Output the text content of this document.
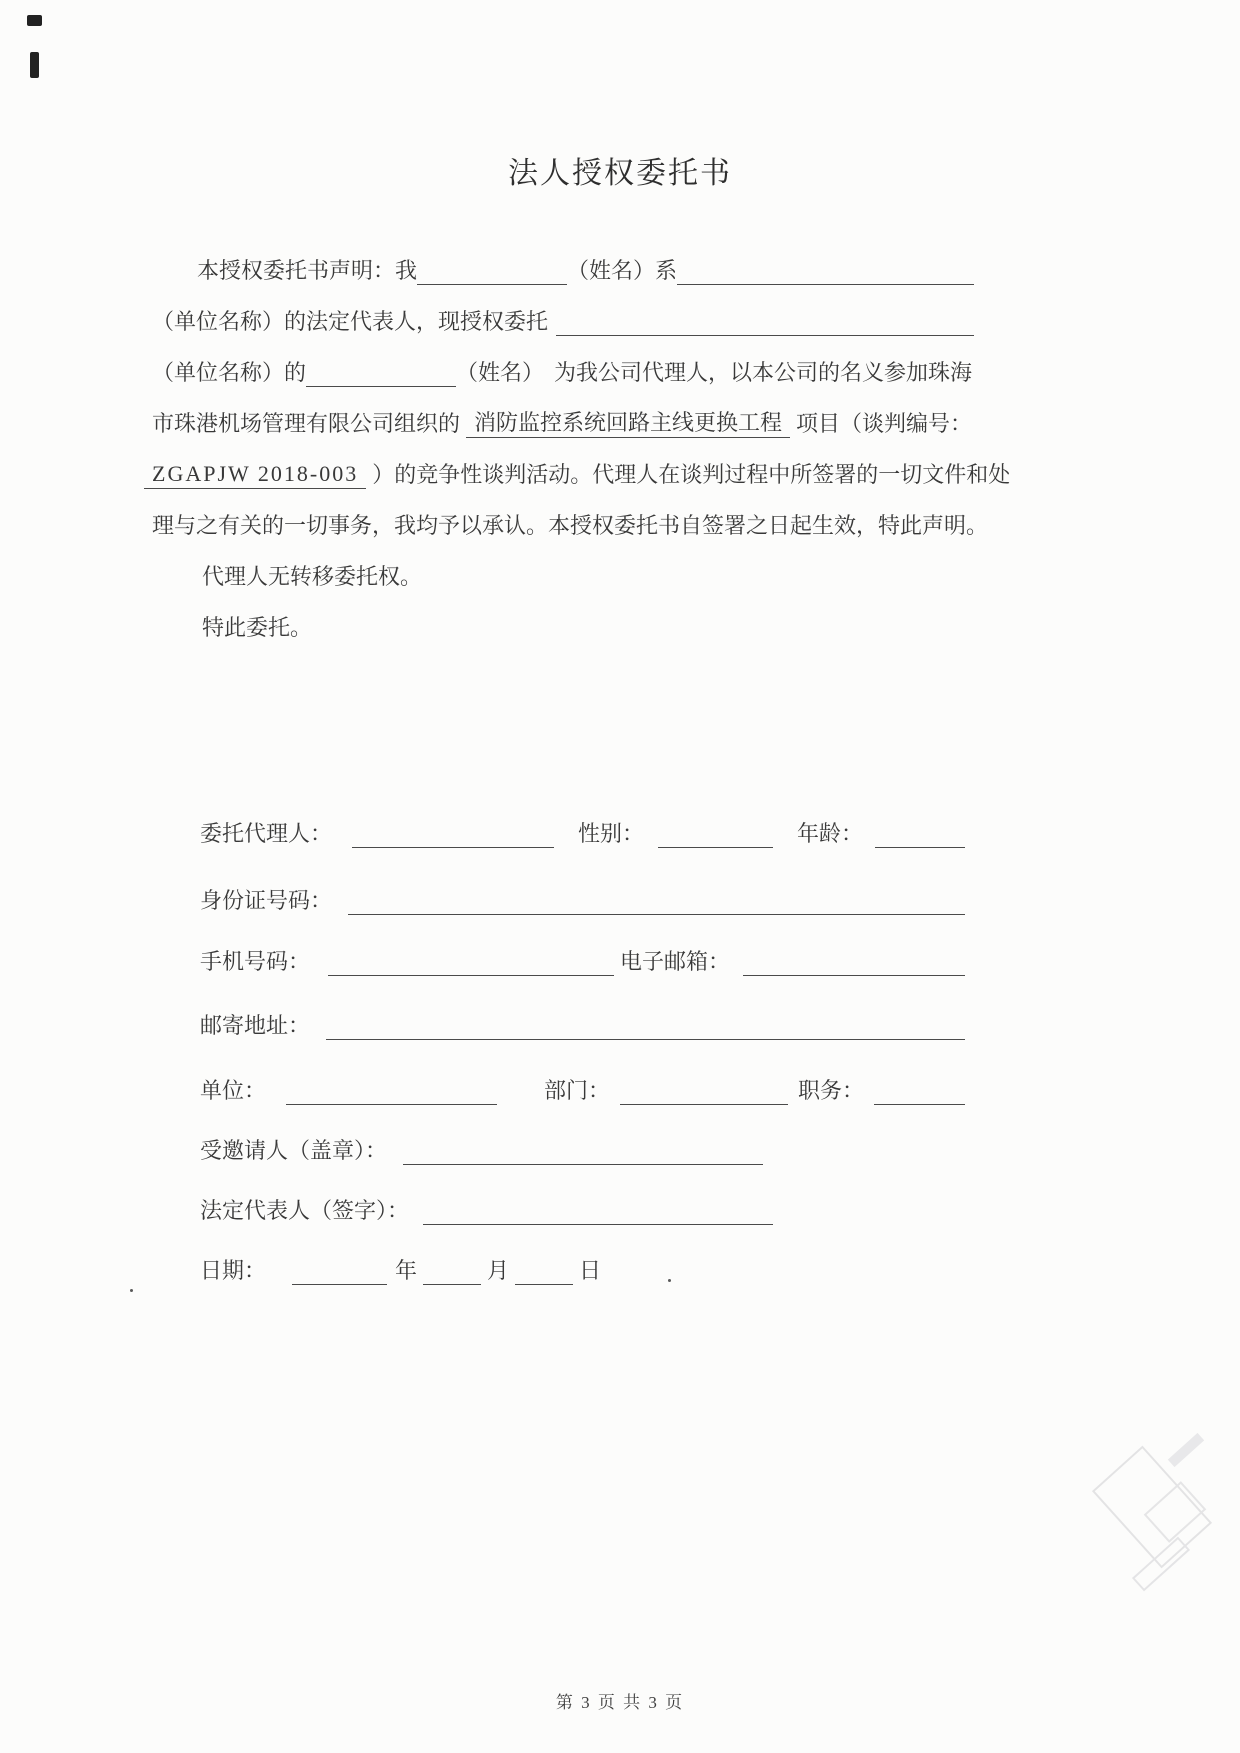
法人授权委托书
本授权委托书声明：我	（姓名）系
（单位名称）的法定代表人，现授权委托
（单位名称）的	（姓名） 为我公司代理人，以本公司的名义参加珠海
市珠港机场管理有限公司组织的 消防监控系统回路主线更换工程 项目（谈判编号：
ZGAPJW 2018-003 ）的竞争性谈判活动。代理人在谈判过程中所签署的一切文件和处
理与之有关的一切事务，我均予以承认。本授权委托书自签署之日起生效，特此声明。
代理人无转移委托权。
特此委托。
委托代理人：	性别：	年龄：
身份证号码：
手机号码：	电子邮箱：
邮寄地址：
单位：	部门：	职务：
受邀请人（盖章）：
法定代表人（签字）：
日期：	年	月	日
第 3 页 共 3 页
